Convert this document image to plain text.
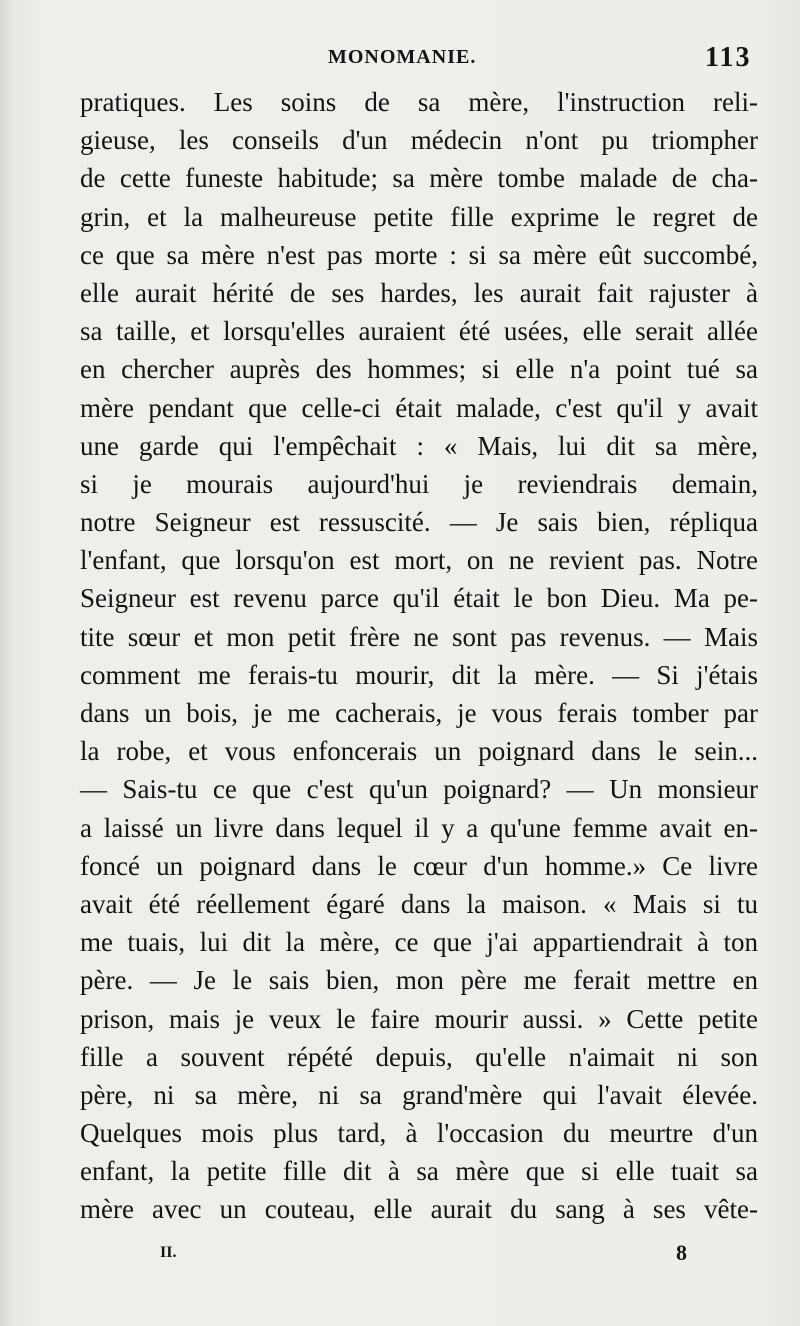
MONOMANIE.	113
pratiques. Les soins de sa mère, l'instruction reli-
gieuse, les conseils d'un médecin n'ont pu triompher
de cette funeste habitude; sa mère tombe malade de cha-
grin, et la malheureuse petite fille exprime le regret de
ce que sa mère n'est pas morte : si sa mère eût succombé,
elle aurait hérité de ses hardes, les aurait fait rajuster à
sa taille, et lorsqu'elles auraient été usées, elle serait allée
en chercher auprès des hommes; si elle n'a point tué sa
mère pendant que celle-ci était malade, c'est qu'il y avait
une garde qui l'empêchait : « Mais, lui dit sa mère,
si je mourais aujourd'hui je reviendrais demain,
notre Seigneur est ressuscité. — Je sais bien, répliqua
l'enfant, que lorsqu'on est mort, on ne revient pas. Notre
Seigneur est revenu parce qu'il était le bon Dieu. Ma pe-
tite sœur et mon petit frère ne sont pas revenus. — Mais
comment me ferais-tu mourir, dit la mère. — Si j'étais
dans un bois, je me cacherais, je vous ferais tomber par
la robe, et vous enfoncerais un poignard dans le sein...
— Sais-tu ce que c'est qu'un poignard? — Un monsieur
a laissé un livre dans lequel il y a qu'une femme avait en-
foncé un poignard dans le cœur d'un homme.» Ce livre
avait été réellement égaré dans la maison. « Mais si tu
me tuais, lui dit la mère, ce que j'ai appartiendrait à ton
père. — Je le sais bien, mon père me ferait mettre en
prison, mais je veux le faire mourir aussi. » Cette petite
fille a souvent répété depuis, qu'elle n'aimait ni son
père, ni sa mère, ni sa grand'mère qui l'avait élevée.
Quelques mois plus tard, à l'occasion du meurtre d'un
enfant, la petite fille dit à sa mère que si elle tuait sa
mère avec un couteau, elle aurait du sang à ses vête-
II.	8
